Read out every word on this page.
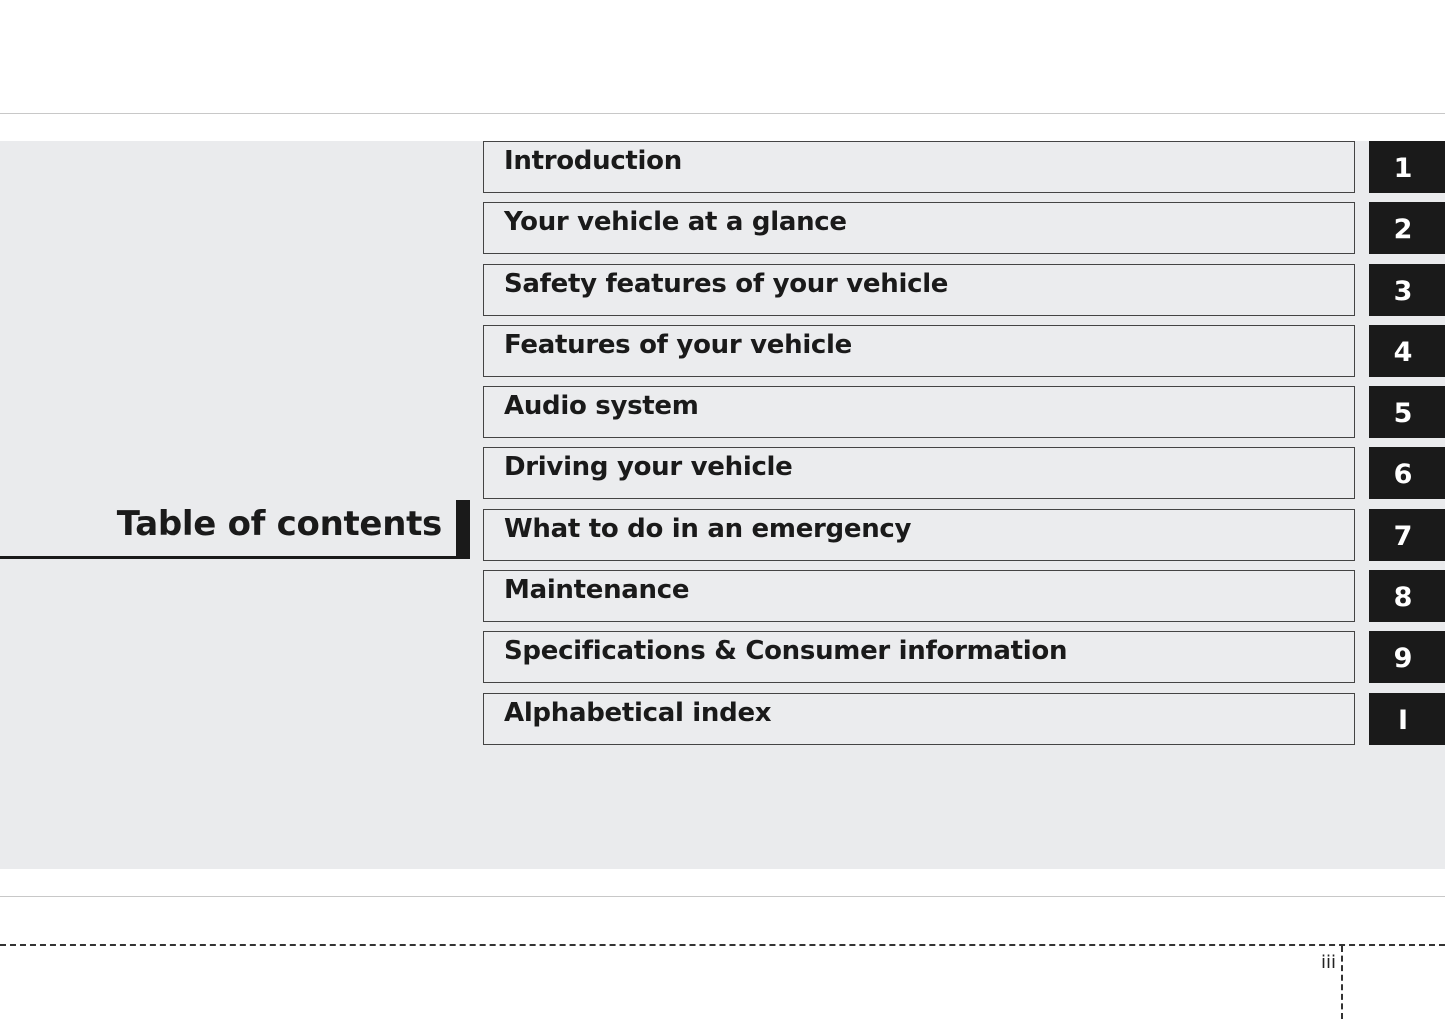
Table of contents
Introduction	1
Your vehicle at a glance	2
Safety features of your vehicle	3
Features of your vehicle	4
Audio system	5
Driving your vehicle	6
What to do in an emergency	7
Maintenance	8
Specifications & Consumer information	9
Alphabetical index	I
iii
